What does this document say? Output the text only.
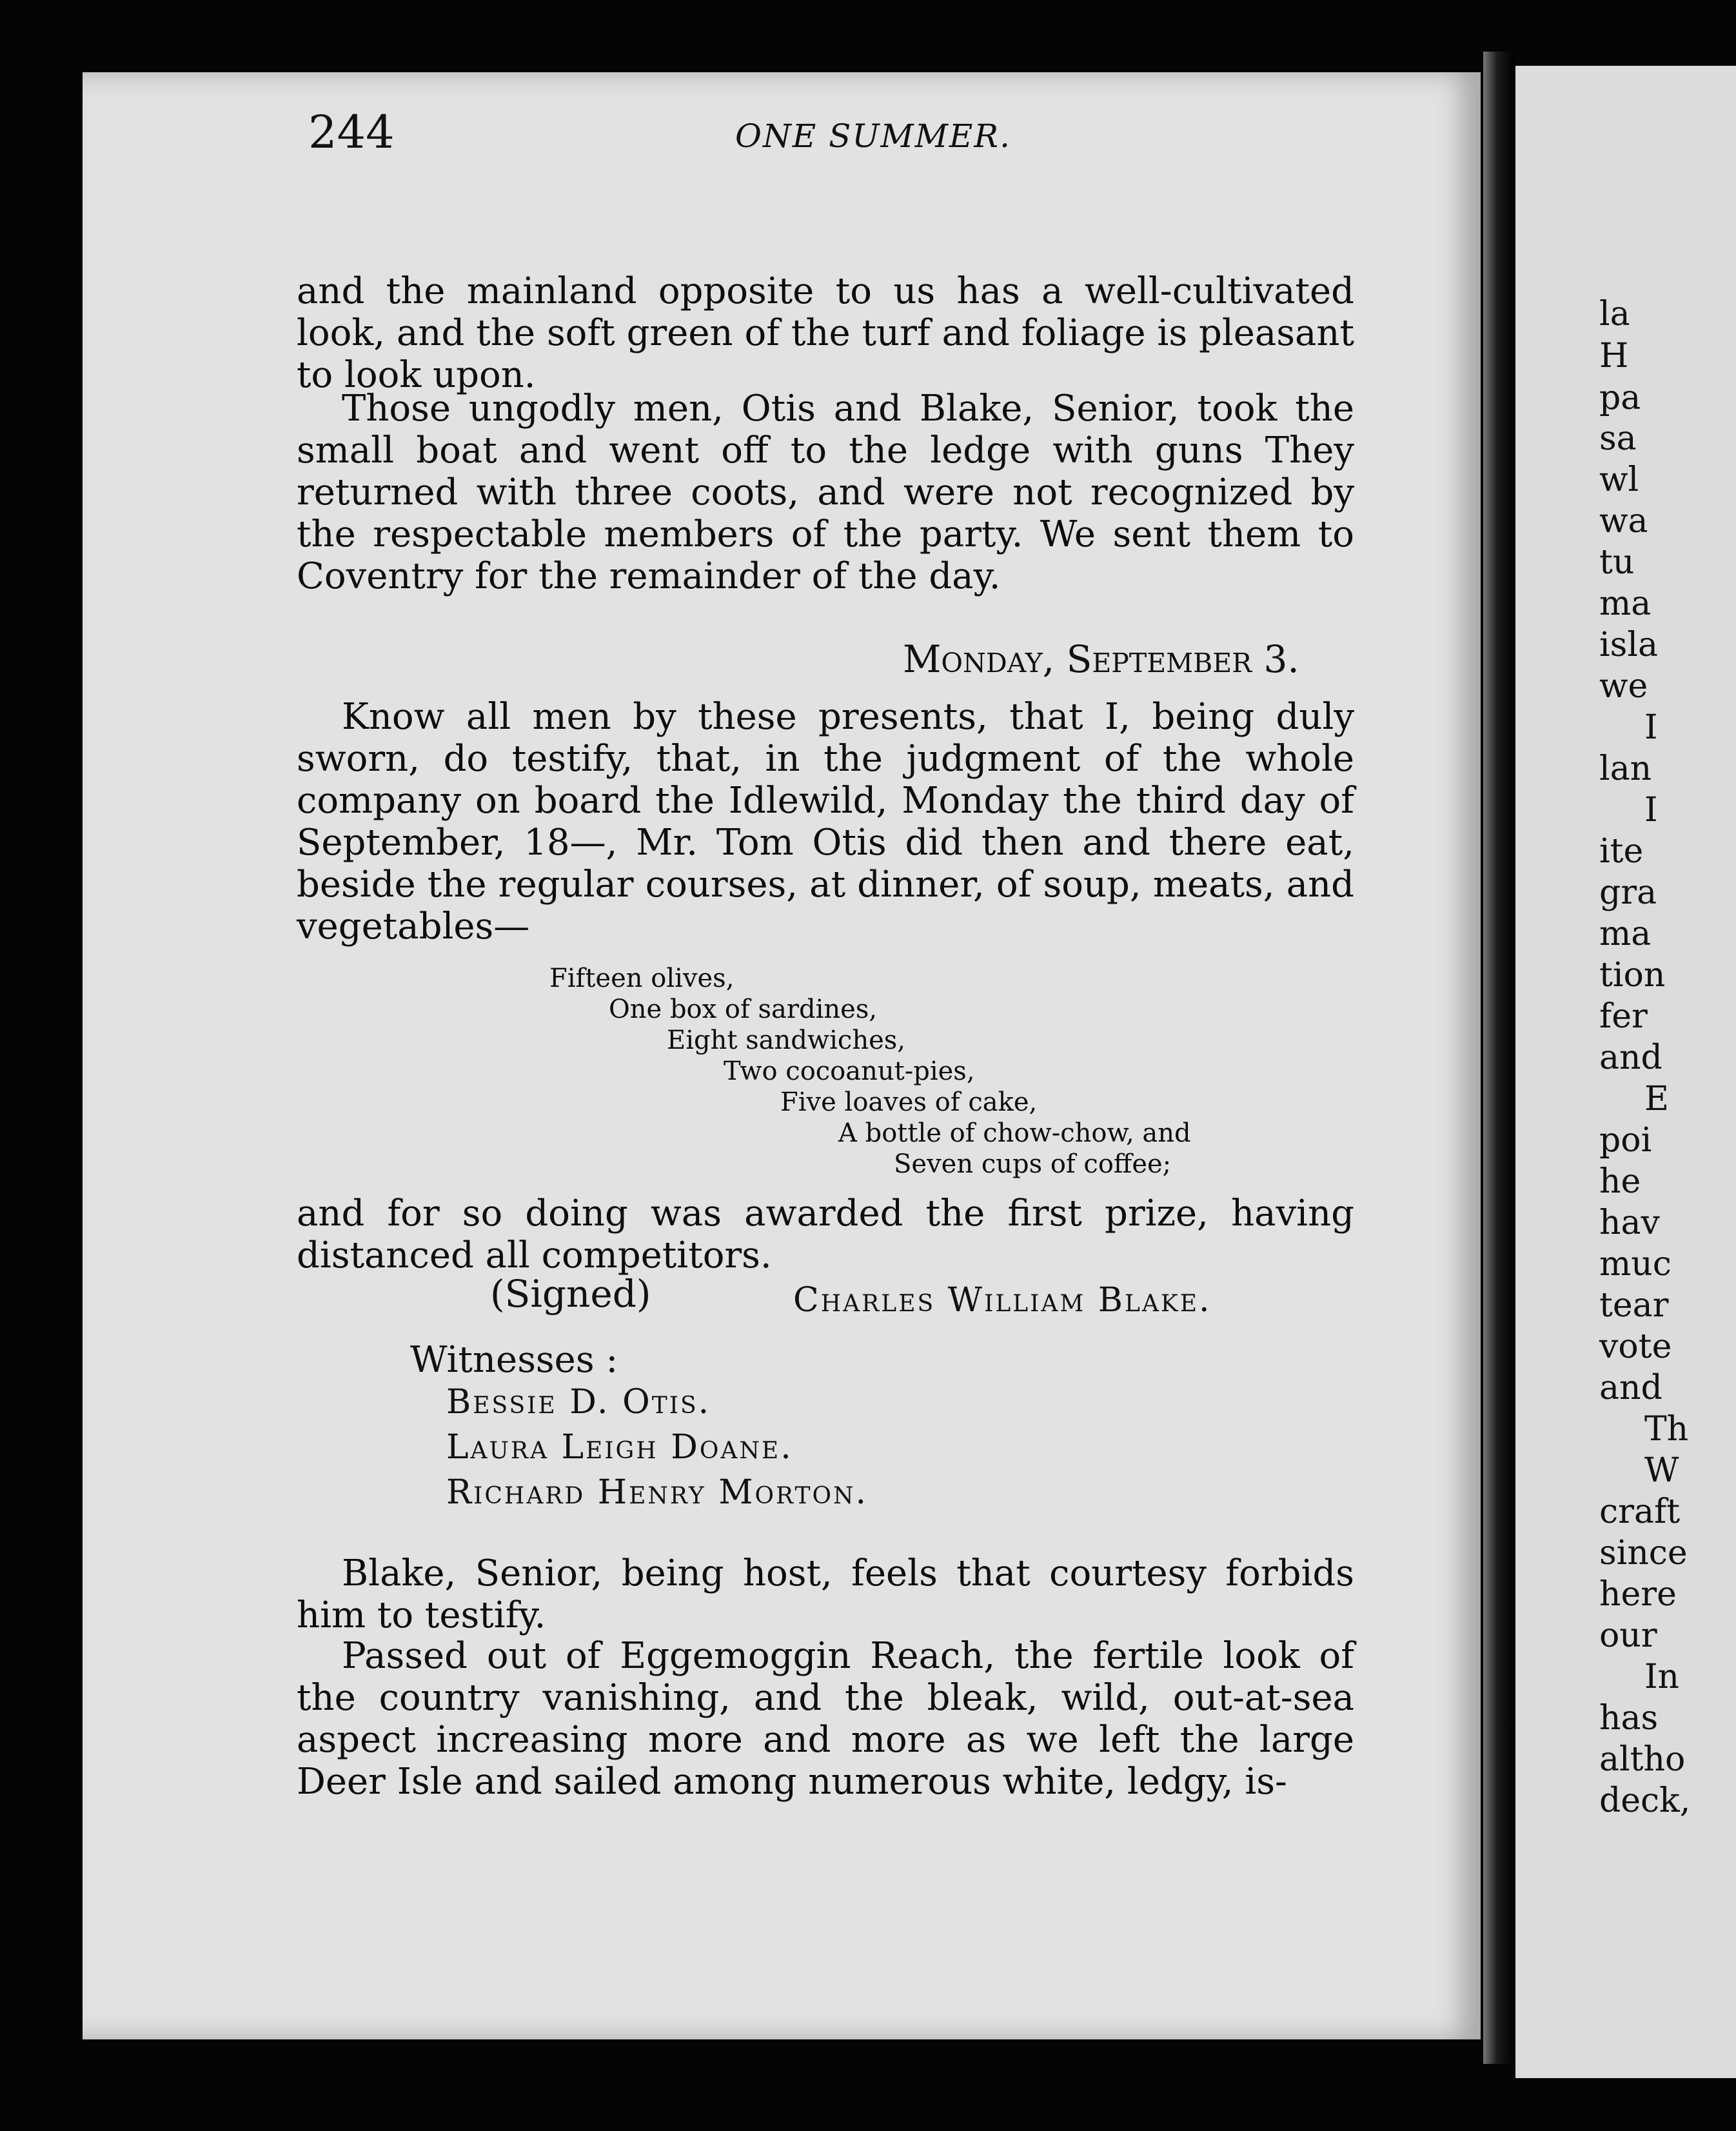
244	ONE SUMMER.

and the mainland opposite to us has a well-cultivated look, and the soft green of the turf and foliage is pleasant to look upon.

Those ungodly men, Otis and Blake, Senior, took the small boat and went off to the ledge with guns They returned with three coots, and were not recognized by the respectable members of the party. We sent them to Coventry for the remainder of the day.

Monday, September 3.

Know all men by these presents, that I, being duly sworn, do testify, that, in the judgment of the whole company on board the Idlewild, Monday the third day of September, 18—, Mr. Tom Otis did then and there eat, beside the regular courses, at dinner, of soup, meats, and vegetables—

Fifteen olives,
One box of sardines,
Eight sandwiches,
Two cocoanut-pies,
Five loaves of cake,
A bottle of chow-chow, and
Seven cups of coffee;

and for so doing was awarded the first prize, having distanced all competitors.

(Signed)	Charles William Blake.

Witnesses :

Bessie D. Otis.

Laura Leigh Doane.

Richard Henry Morton.

Blake, Senior, being host, feels that courtesy forbids him to testify.

Passed out of Eggemoggin Reach, the fertile look of the country vanishing, and the bleak, wild, out-at-sea aspect increasing more and more as we left the large Deer Isle and sailed among numerous white, ledgy, is-

la

H

pa

sa

wl

wa

tu

ma

isla

we

I

lan

I

ite

gra

ma

tion

fer

and

E

poi

he

hav

muc

tear

vote

and

Th

W

craft

since

here

our

In

has

altho

deck,
